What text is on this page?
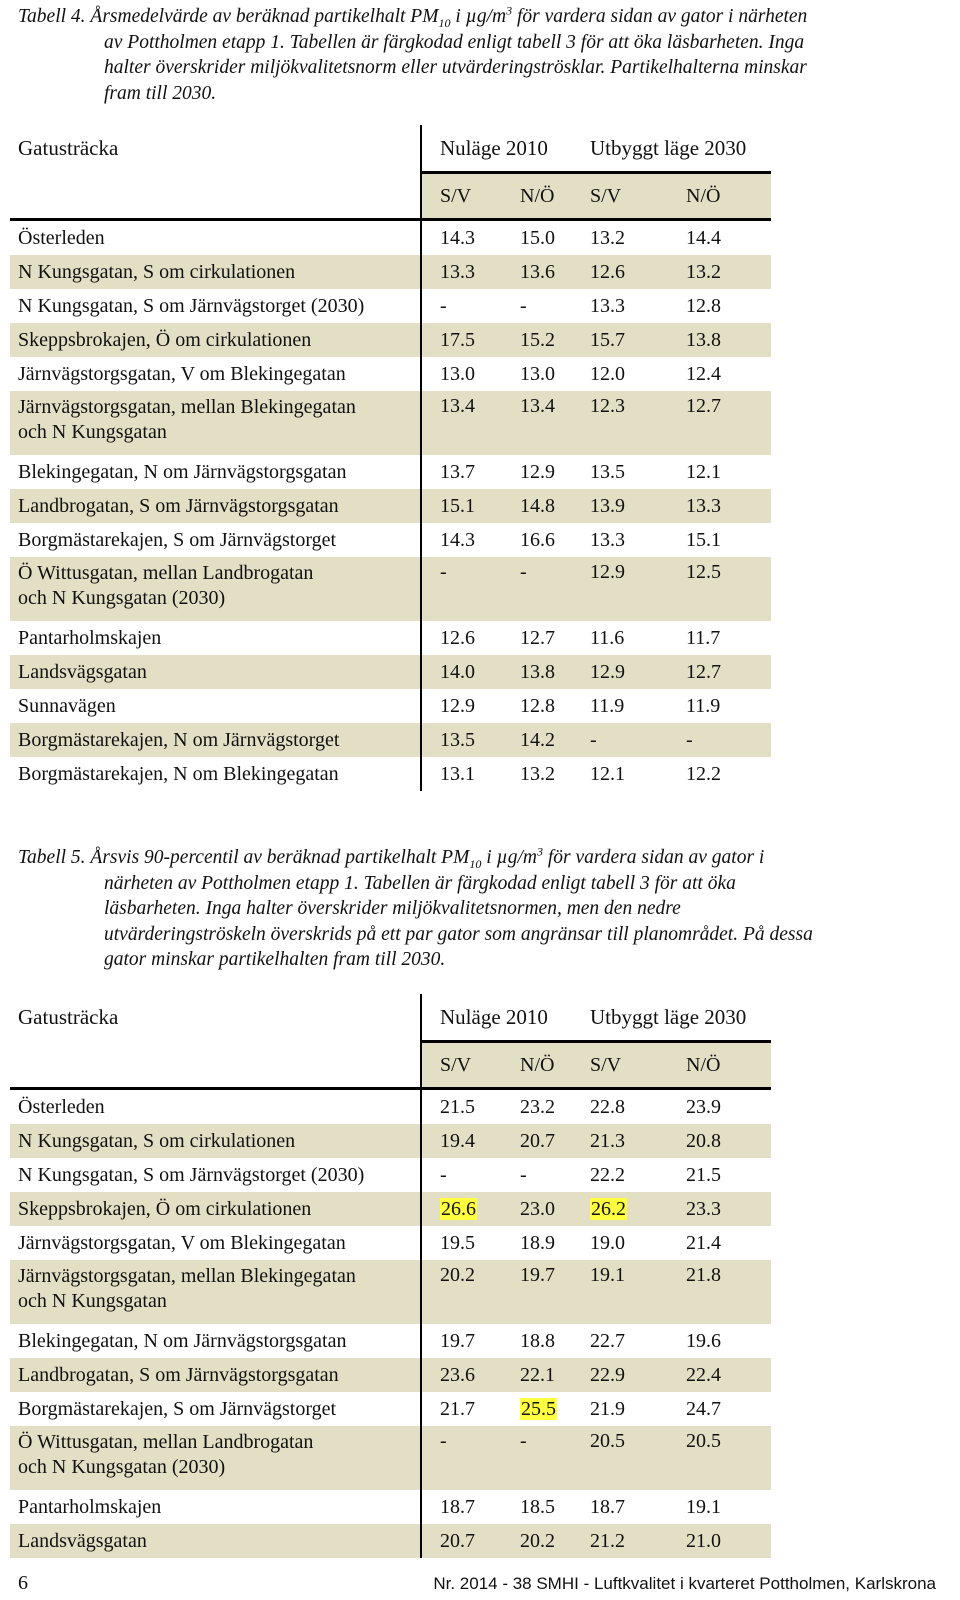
Tabell 4. Årsmedelvärde av beräknad partikelhalt $PM_{10}$ i $\mu g/m^3$ för vardera sidan av gator i närheten
av Pottholmen etapp 1. Tabellen är färgkodad enligt tabell 3 för att öka läsbarheten. Inga
halter överskrider miljökvalitetsnorm eller utvärderingströsklar. Partikelhalterna minskar
fram till 2030.
Gatusträcka	Nuläge 2010		Utbyggt läge 2030	
	S/V	N/Ö	S/V	N/Ö
Österleden	14.3	15.0	13.2	14.4
N Kungsgatan, S om cirkulationen	13.3	13.6	12.6	13.2
N Kungsgatan, S om Järnvägstorget (2030)	-	-	13.3	12.8
Skeppsbrokajen, Ö om cirkulationen	17.5	15.2	15.7	13.8
Järnvägstorgsgatan, V om Blekingegatan	13.0	13.0	12.0	12.4
Järnvägstorgsgatan, mellan Blekingegatan
och N Kungsgatan	13.4	13.4	12.3	12.7
Blekingegatan, N om Järnvägstorgsgatan	13.7	12.9	13.5	12.1
Landbrogatan, S om Järnvägstorgsgatan	15.1	14.8	13.9	13.3
Borgmästarekajen, S om Järnvägstorget	14.3	16.6	13.3	15.1
Ö Wittusgatan, mellan Landbrogatan
och N Kungsgatan (2030)	-	-	12.9	12.5
Pantarholmskajen	12.6	12.7	11.6	11.7
Landsvägsgatan	14.0	13.8	12.9	12.7
Sunnavägen	12.9	12.8	11.9	11.9
Borgmästarekajen, N om Järnvägstorget	13.5	14.2	-	-
Borgmästarekajen, N om Blekingegatan	13.1	13.2	12.1	12.2
Tabell 5. Årsvis 90-percentil av beräknad partikelhalt $PM_{10}$ i $\mu g/m^3$ för vardera sidan av gator i
närheten av Pottholmen etapp 1. Tabellen är färgkodad enligt tabell 3 för att öka
läsbarheten. Inga halter överskrider miljökvalitetsnormen, men den nedre
utvärderingströskeln överskrids på ett par gator som angränsar till planområdet. På dessa
gator minskar partikelhalten fram till 2030.
Gatusträcka	Nuläge 2010		Utbyggt läge 2030	
	S/V	N/Ö	S/V	N/Ö
Österleden	21.5	23.2	22.8	23.9
N Kungsgatan, S om cirkulationen	19.4	20.7	21.3	20.8
N Kungsgatan, S om Järnvägstorget (2030)	-	-	22.2	21.5
Skeppsbrokajen, Ö om cirkulationen	26.6	23.0	26.2	23.3
Järnvägstorgsgatan, V om Blekingegatan	19.5	18.9	19.0	21.4
Järnvägstorgsgatan, mellan Blekingegatan
och N Kungsgatan	20.2	19.7	19.1	21.8
Blekingegatan, N om Järnvägstorgsgatan	19.7	18.8	22.7	19.6
Landbrogatan, S om Järnvägstorgsgatan	23.6	22.1	22.9	22.4
Borgmästarekajen, S om Järnvägstorget	21.7	25.5	21.9	24.7
Ö Wittusgatan, mellan Landbrogatan
och N Kungsgatan (2030)	-	-	20.5	20.5
Pantarholmskajen	18.7	18.5	18.7	19.1
Landsvägsgatan	20.7	20.2	21.2	21.0
6	Nr. 2014 - 38 SMHI - Luftkvalitet i kvarteret Pottholmen, Karlskrona
